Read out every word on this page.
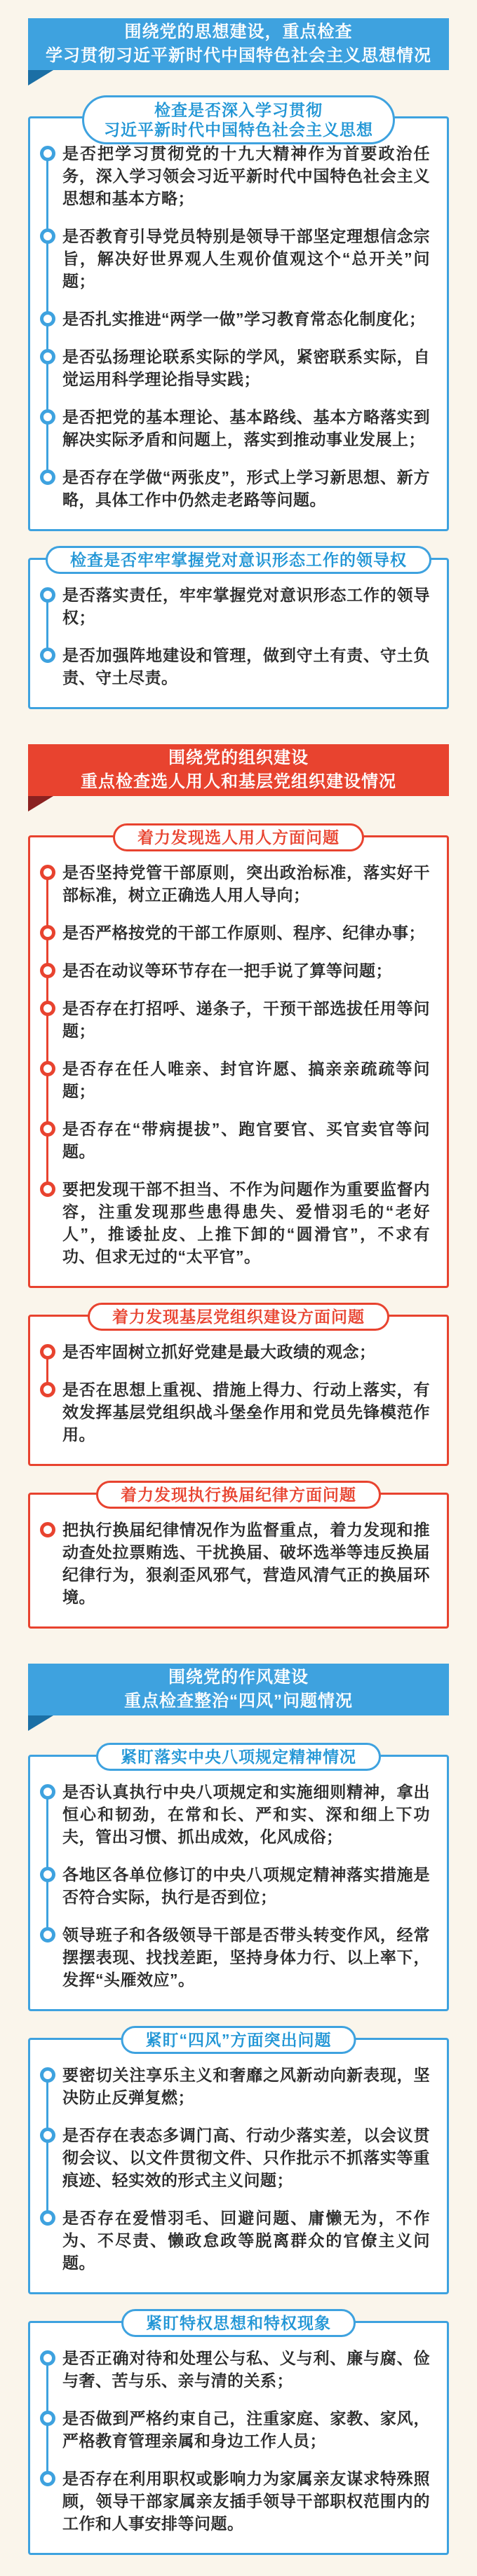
围绕党的思想建设，重点检查
学习贯彻习近平新时代中国特色社会主义思想情况
检查是否深入学习贯彻
习近平新时代中国特色社会主义思想
是否把学习贯彻党的十九大精神作为首要政治任务，深入学习领会习近平新时代中国特色社会主义思想和基本方略；
是否教育引导党员特别是领导干部坚定理想信念宗旨，解决好世界观人生观价值观这个“总开关”问题；
是否扎实推进“两学一做”学习教育常态化制度化；
是否弘扬理论联系实际的学风，紧密联系实际，自觉运用科学理论指导实践；
是否把党的基本理论、基本路线、基本方略落实到解决实际矛盾和问题上，落实到推动事业发展上；
是否存在学做“两张皮”，形式上学习新思想、新方略，具体工作中仍然走老路等问题。
检查是否牢牢掌握党对意识形态工作的领导权
是否落实责任，牢牢掌握党对意识形态工作的领导权；
是否加强阵地建设和管理，做到守土有责、守土负责、守土尽责。
围绕党的组织建设
重点检查选人用人和基层党组织建设情况
着力发现选人用人方面问题
是否坚持党管干部原则，突出政治标准，落实好干部标准，树立正确选人用人导向；
是否严格按党的干部工作原则、程序、纪律办事；
是否在动议等环节存在一把手说了算等问题；
是否存在打招呼、递条子，干预干部选拔任用等问题；
是否存在任人唯亲、封官许愿、搞亲亲疏疏等问题；
是否存在“带病提拔”、跑官要官、买官卖官等问题。
要把发现干部不担当、不作为问题作为重要监督内容，注重发现那些患得患失、爱惜羽毛的“老好人”，推诿扯皮、上推下卸的“圆滑官”，不求有功、但求无过的“太平官”。
着力发现基层党组织建设方面问题
是否牢固树立抓好党建是最大政绩的观念；
是否在思想上重视、措施上得力、行动上落实，有效发挥基层党组织战斗堡垒作用和党员先锋模范作用。
着力发现执行换届纪律方面问题
把执行换届纪律情况作为监督重点，着力发现和推动查处拉票贿选、干扰换届、破坏选举等违反换届纪律行为，狠刹歪风邪气，营造风清气正的换届环境。
围绕党的作风建设
重点检查整治“四风”问题情况
紧盯落实中央八项规定精神情况
是否认真执行中央八项规定和实施细则精神，拿出恒心和韧劲，在常和长、严和实、深和细上下功夫，管出习惯、抓出成效，化风成俗；
各地区各单位修订的中央八项规定精神落实措施是否符合实际，执行是否到位；
领导班子和各级领导干部是否带头转变作风，经常摆摆表现、找找差距，坚持身体力行、以上率下，发挥“头雁效应”。
紧盯“四风”方面突出问题
要密切关注享乐主义和奢靡之风新动向新表现，坚决防止反弹复燃；
是否存在表态多调门高、行动少落实差，以会议贯彻会议、以文件贯彻文件、只作批示不抓落实等重痕迹、轻实效的形式主义问题；
是否存在爱惜羽毛、回避问题、庸懒无为，不作为、不尽责、懒政怠政等脱离群众的官僚主义问题。
紧盯特权思想和特权现象
是否正确对待和处理公与私、义与利、廉与腐、俭与奢、苦与乐、亲与清的关系；
是否做到严格约束自己，注重家庭、家教、家风，严格教育管理亲属和身边工作人员；
是否存在利用职权或影响力为家属亲友谋求特殊照顾，领导干部家属亲友插手领导干部职权范围内的工作和人事安排等问题。
